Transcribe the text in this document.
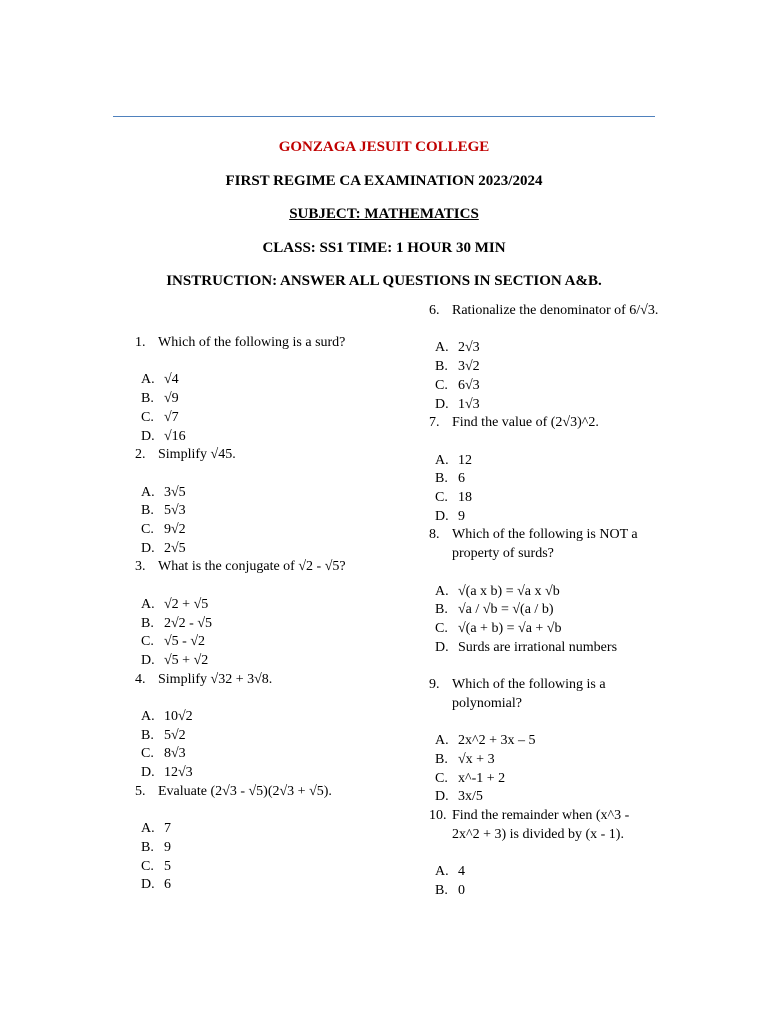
GONZAGA JESUIT COLLEGE
FIRST REGIME CA EXAMINATION 2023/2024
SUBJECT: MATHEMATICS
CLASS: SS1 TIME: 1 HOUR 30 MIN
INSTRUCTION: ANSWER ALL QUESTIONS IN SECTION A&B.
1. Which of the following is a surd?
A. √4
B. √9
C. √7
D. √16
2. Simplify √45.
A. 3√5
B. 5√3
C. 9√2
D. 2√5
3. What is the conjugate of √2 - √5?
A. √2 + √5
B. 2√2 - √5
C. √5 - √2
D. √5 + √2
4. Simplify √32 + 3√8.
A. 10√2
B. 5√2
C. 8√3
D. 12√3
5. Evaluate (2√3 - √5)(2√3 + √5).
A. 7
B. 9
C. 5
D. 6
6. Rationalize the denominator of 6/√3.
A. 2√3
B. 3√2
C. 6√3
D. 1√3
7. Find the value of (2√3)^2.
A. 12
B. 6
C. 18
D. 9
8. Which of the following is NOT a property of surds?
A. √(a x b) = √a x √b
B. √a / √b = √(a / b)
C. √(a + b) = √a + √b
D. Surds are irrational numbers
9. Which of the following is a polynomial?
A. 2x^2 + 3x – 5
B. √x + 3
C. x^-1 + 2
D. 3x/5
10. Find the remainder when (x^3 - 2x^2 + 3) is divided by (x - 1).
A. 4
B. 0
